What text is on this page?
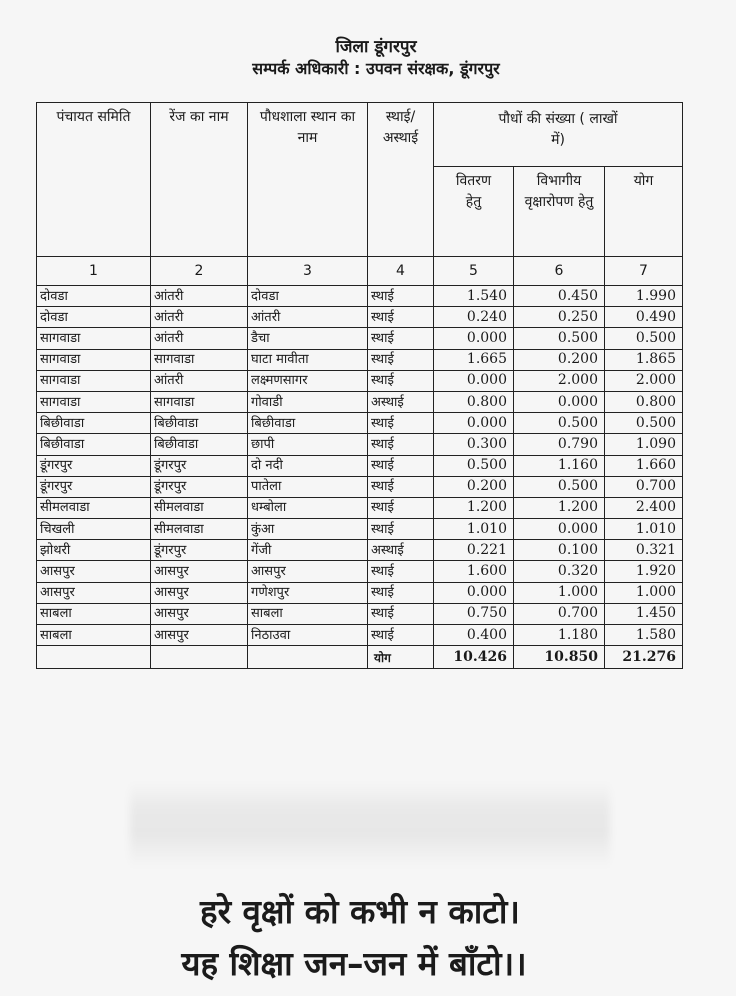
जिला डूंगरपुर
सम्पर्क अधिकारी : उपवन संरक्षक, डूंगरपुर
पंचायत समिति	रेंज का नाम	पौधशाला स्थान का नाम	स्थाई/ अस्थाई	पौधों की संख्या ( लाखों में)		
				वितरण हेतु	विभागीय वृक्षारोपण हेतु	योग
1	2	3	4	5	6	7
दोवडा	आंतरी	दोवडा	स्थाई	1.540	0.450	1.990
दोवडा	आंतरी	आंतरी	स्थाई	0.240	0.250	0.490
सागवाडा	आंतरी	डैचा	स्थाई	0.000	0.500	0.500
सागवाडा	सागवाडा	घाटा मावीता	स्थाई	1.665	0.200	1.865
सागवाडा	आंतरी	लक्ष्मणसागर	स्थाई	0.000	2.000	2.000
सागवाडा	सागवाडा	गोवाडी	अस्थाई	0.800	0.000	0.800
बिछीवाडा	बिछीवाडा	बिछीवाडा	स्थाई	0.000	0.500	0.500
बिछीवाडा	बिछीवाडा	छापी	स्थाई	0.300	0.790	1.090
डूंगरपुर	डूंगरपुर	दो नदी	स्थाई	0.500	1.160	1.660
डूंगरपुर	डूंगरपुर	पातेला	स्थाई	0.200	0.500	0.700
सीमलवाडा	सीमलवाडा	धम्बोला	स्थाई	1.200	1.200	2.400
चिखली	सीमलवाडा	कुंआ	स्थाई	1.010	0.000	1.010
झोथरी	डूंगरपुर	गेंजी	अस्थाई	0.221	0.100	0.321
आसपुर	आसपुर	आसपुर	स्थाई	1.600	0.320	1.920
आसपुर	आसपुर	गणेशपुर	स्थाई	0.000	1.000	1.000
साबला	आसपुर	साबला	स्थाई	0.750	0.700	1.450
साबला	आसपुर	निठाउवा	स्थाई	0.400	1.180	1.580
			योग	10.426	10.850	21.276
हरे वृक्षों को कभी न काटो।
यह शिक्षा जन–जन में बाँटो।।
